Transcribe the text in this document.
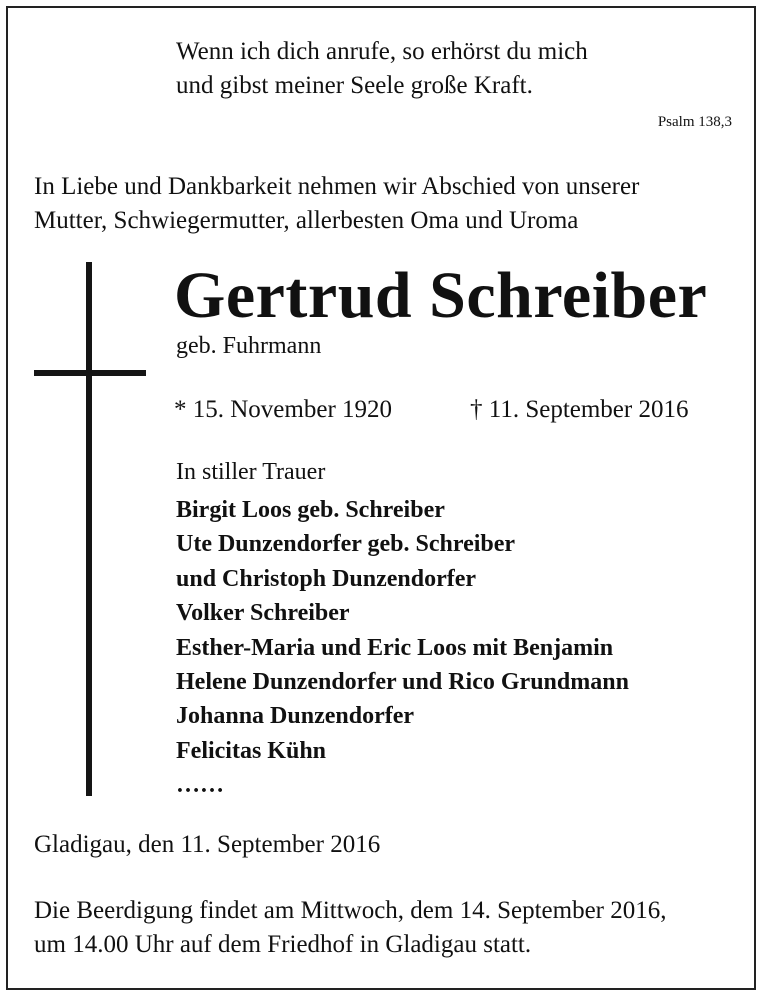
Wenn ich dich anrufe, so erhörst du mich
und gibst meiner Seele große Kraft.
Psalm 138,3
In Liebe und Dankbarkeit nehmen wir Abschied von unserer
Mutter, Schwiegermutter, allerbesten Oma und Uroma
Gertrud Schreiber
geb. Fuhrmann
* 15. November 1920	† 11. September 2016
In stiller Trauer
Birgit Loos geb. Schreiber
Ute Dunzendorfer geb. Schreiber
und Christoph Dunzendorfer
Volker Schreiber
Esther-Maria und Eric Loos mit Benjamin
Helene Dunzendorfer und Rico Grundmann
Johanna Dunzendorfer
Felicitas Kühn
……
Gladigau, den 11. September 2016
Die Beerdigung findet am Mittwoch, dem 14. September 2016,
um 14.00 Uhr auf dem Friedhof in Gladigau statt.
